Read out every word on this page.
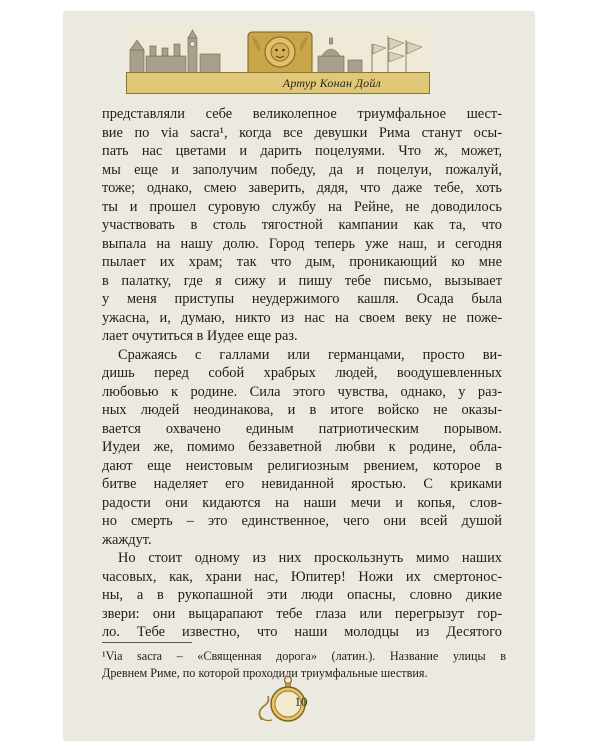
Артур Конан Дойл
представляли себе великолепное триумфальное шест-
вие по via sacra¹, когда все девушки Рима станут осы-
пать нас цветами и дарить поцелуями. Что ж, может,
мы еще и заполучим победу, да и поцелуи, пожалуй,
тоже; однако, смею заверить, дядя, что даже тебе, хоть
ты и прошел суровую службу на Рейне, не доводилось
участвовать в столь тягостной кампании как та, что
выпала на нашу долю. Город теперь уже наш, и сегодня
пылает их храм; так что дым, проникающий ко мне
в палатку, где я сижу и пишу тебе письмо, вызывает
у меня приступы неудержимого кашля. Осада была
ужасна, и, думаю, никто из нас на своем веку не поже-
лает очутиться в Иудее еще раз.
Сражаясь с галлами или германцами, просто ви-
дишь перед собой храбрых людей, воодушевленных
любовью к родине. Сила этого чувства, однако, у раз-
ных людей неодинакова, и в итоге войско не оказы-
вается охвачено единым патриотическим порывом.
Иудеи же, помимо беззаветной любви к родине, обла-
дают еще неистовым религиозным рвением, которое в
битве наделяет его невиданной яростью. С криками
радости они кидаются на наши мечи и копья, слов-
но смерть – это единственное, чего они всей душой
жаждут.
Но стоит одному из них проскользнуть мимо наших
часовых, как, храни нас, Юпитер! Ножи их смертонос-
ны, а в рукопашной эти люди опасны, словно дикие
звери: они выцарапают тебе глаза или перегрызут гор-
ло. Тебе известно, что наши молодцы из Десятого
¹Via sacra – «Священная дорога» (латин.). Название улицы в
Древнем Риме, по которой проходили триумфальные шествия.
10
